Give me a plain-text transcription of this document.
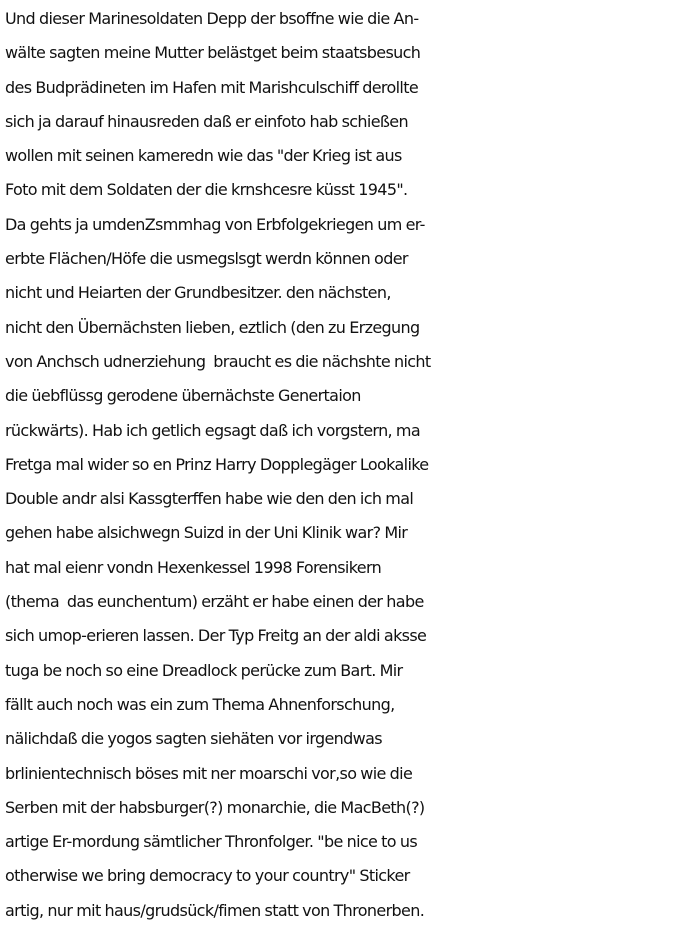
Und dieser Marinesoldaten Depp der bsoffne wie die An-
wälte sagten meine Mutter belästget beim staatsbesuch
des Budprädineten im Hafen mit Marishculschiff derollte
sich ja darauf hinausreden daß er einfoto hab schießen
wollen mit seinen kameredn wie das "der Krieg ist aus
Foto mit dem Soldaten der die krnshcesre küsst 1945".
Da gehts ja umdenZsmmhag von Erbfolgekriegen um er-
erbte Flächen/Höfe die usmegslsgt werdn können oder
nicht und Heiarten der Grundbesitzer. den nächsten,
nicht den Übernächsten lieben, eztlich (den zu Erzegung
von Anchsch udnerziehung  braucht es die nächshte nicht
die üebflüssg gerodene übernächste Genertaion
rückwärts). Hab ich getlich egsagt daß ich vorgstern, ma
Fretga mal wider so en Prinz Harry Dopplegäger Lookalike
Double andr alsi Kassgterffen habe wie den den ich mal
gehen habe alsichwegn Suizd in der Uni Klinik war? Mir
hat mal eienr vondn Hexenkessel 1998 Forensikern
(thema  das eunchentum) erzäht er habe einen der habe
sich umop-erieren lassen. Der Typ Freitg an der aldi aksse
tuga be noch so eine Dreadlock perücke zum Bart. Mir
fällt auch noch was ein zum Thema Ahnenforschung,
nälichdaß die yogos sagten siehäten vor irgendwas
brlinientechnisch böses mit ner moarschi vor,so wie die
Serben mit der habsburger(?) monarchie, die MacBeth(?)
artige Er-mordung sämtlicher Thronfolger. "be nice to us
otherwise we bring democracy to your country" Sticker
artig, nur mit haus/grudsück/fimen statt von Thronerben.
